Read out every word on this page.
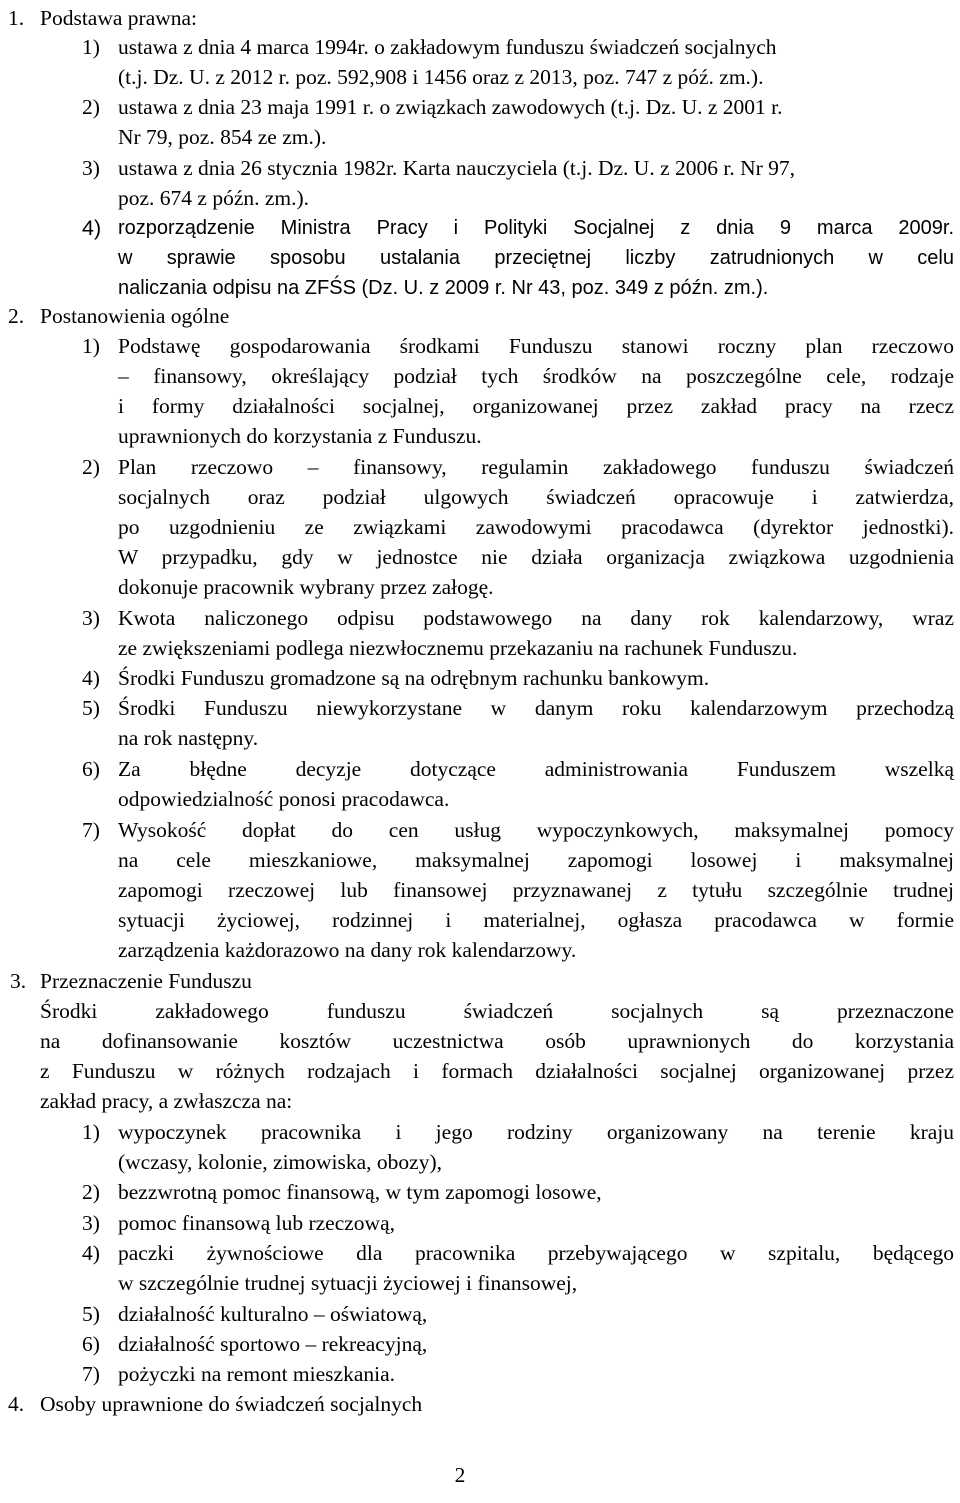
1. Podstawa prawna:
1) ustawa z dnia 4 marca 1994r. o zakładowym funduszu świadczeń socjalnych
(t.j. Dz. U. z 2012 r. poz. 592,908 i 1456 oraz z 2013, poz. 747 z póź. zm.).
2) ustawa z dnia 23 maja 1991 r. o związkach zawodowych (t.j. Dz. U. z 2001 r.
Nr 79, poz. 854 ze zm.).
3) ustawa z dnia 26 stycznia 1982r. Karta nauczyciela (t.j. Dz. U. z 2006 r. Nr 97,
poz. 674 z późn. zm.).
4) rozporządzenie Ministra Pracy i Polityki Socjalnej z dnia 9 marca 2009r.
w sprawie sposobu ustalania przeciętnej liczby zatrudnionych w celu
naliczania odpisu na ZFŚS (Dz. U. z 2009 r. Nr 43, poz. 349 z późn. zm.).
2. Postanowienia ogólne
1) Podstawę gospodarowania środkami Funduszu stanowi roczny plan rzeczowo
– finansowy, określający podział tych środków na poszczególne cele, rodzaje
i formy działalności socjalnej, organizowanej przez zakład pracy na rzecz
uprawnionych do korzystania z Funduszu.
2) Plan rzeczowo – finansowy, regulamin zakładowego funduszu świadczeń
socjalnych oraz podział ulgowych świadczeń opracowuje i zatwierdza,
po uzgodnieniu ze związkami zawodowymi pracodawca (dyrektor jednostki).
W przypadku, gdy w jednostce nie działa organizacja związkowa uzgodnienia
dokonuje pracownik wybrany przez załogę.
3) Kwota naliczonego odpisu podstawowego na dany rok kalendarzowy, wraz
ze zwiększeniami podlega niezwłocznemu przekazaniu na rachunek Funduszu.
4) Środki Funduszu gromadzone są na odrębnym rachunku bankowym.
5) Środki Funduszu niewykorzystane w danym roku kalendarzowym przechodzą
na rok następny.
6) Za błędne decyzje dotyczące administrowania Funduszem wszelką
odpowiedzialność ponosi pracodawca.
7) Wysokość dopłat do cen usług wypoczynkowych, maksymalnej pomocy
na cele mieszkaniowe, maksymalnej zapomogi losowej i maksymalnej
zapomogi rzeczowej lub finansowej przyznawanej z tytułu szczególnie trudnej
sytuacji życiowej, rodzinnej i materialnej, ogłasza pracodawca w formie
zarządzenia każdorazowo na dany rok kalendarzowy.
3. Przeznaczenie Funduszu
Środki zakładowego funduszu świadczeń socjalnych są przeznaczone
na dofinansowanie kosztów uczestnictwa osób uprawnionych do korzystania
z Funduszu w różnych rodzajach i formach działalności socjalnej organizowanej przez
zakład pracy, a zwłaszcza na:
1) wypoczynek pracownika i jego rodziny organizowany na terenie kraju
(wczasy, kolonie, zimowiska, obozy),
2) bezzwrotną pomoc finansową, w tym zapomogi losowe,
3) pomoc finansową lub rzeczową,
4) paczki żywnościowe dla pracownika przebywającego w szpitalu, będącego
w szczególnie trudnej sytuacji życiowej i finansowej,
5) działalność kulturalno – oświatową,
6) działalność sportowo – rekreacyjną,
7) pożyczki na remont mieszkania.
4. Osoby uprawnione do świadczeń socjalnych
2
